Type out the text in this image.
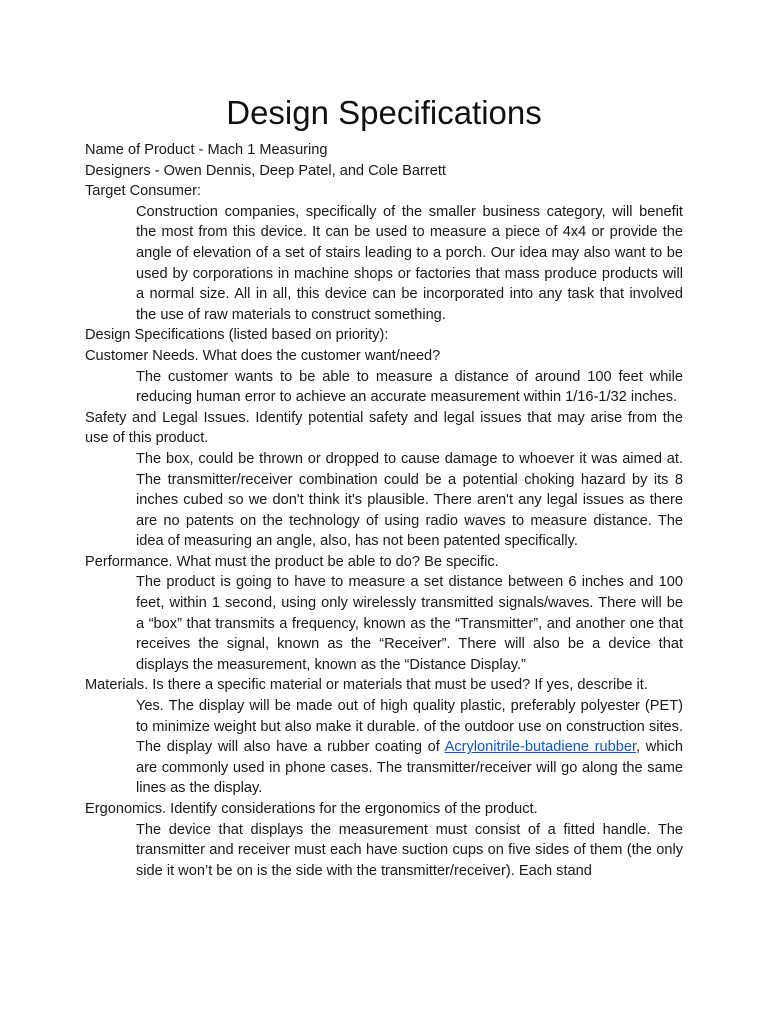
Design Specifications

Name of Product - Mach 1 Measuring

Designers - Owen Dennis, Deep Patel, and Cole Barrett

Target Consumer:

Construction companies, specifically of the smaller business category, will benefit the most from this device. It can be used to measure a piece of 4x4 or provide the angle of elevation of a set of stairs leading to a porch. Our idea may also want to be used by corporations in machine shops or factories that mass produce products will a normal size. All in all, this device can be incorporated into any task that involved the use of raw materials to construct something.

Design Specifications (listed based on priority):

Customer Needs. What does the customer want/need?

The customer wants to be able to measure a distance of around 100 feet while reducing human error to achieve an accurate measurement within 1/16-1/32 inches.

Safety and Legal Issues. Identify potential safety and legal issues that may arise from the use of this product.

The box, could be thrown or dropped to cause damage to whoever it was aimed at. The transmitter/receiver combination could be a potential choking hazard by its 8 inches cubed so we don't think it's plausible. There aren't any legal issues as there are no patents on the technology of using radio waves to measure distance. The idea of measuring an angle, also, has not been patented specifically.

Performance. What must the product be able to do? Be specific.

The product is going to have to measure a set distance between 6 inches and 100 feet, within 1 second, using only wirelessly transmitted signals/waves. There will be a “box” that transmits a frequency, known as the “Transmitter”, and another one that receives the signal, known as the “Receiver”. There will also be a device that displays the measurement, known as the “Distance Display.”

Materials. Is there a specific material or materials that must be used? If yes, describe it.

Yes. The display will be made out of high quality plastic, preferably polyester (PET) to minimize weight but also make it durable. of the outdoor use on construction sites. The display will also have a rubber coating of Acrylonitrile-butadiene rubber, which are commonly used in phone cases. The transmitter/receiver will go along the same lines as the display.

Ergonomics. Identify considerations for the ergonomics of the product.

The device that displays the measurement must consist of a fitted handle. The transmitter and receiver must each have suction cups on five sides of them (the only side it won’t be on is the side with the transmitter/receiver). Each stand
